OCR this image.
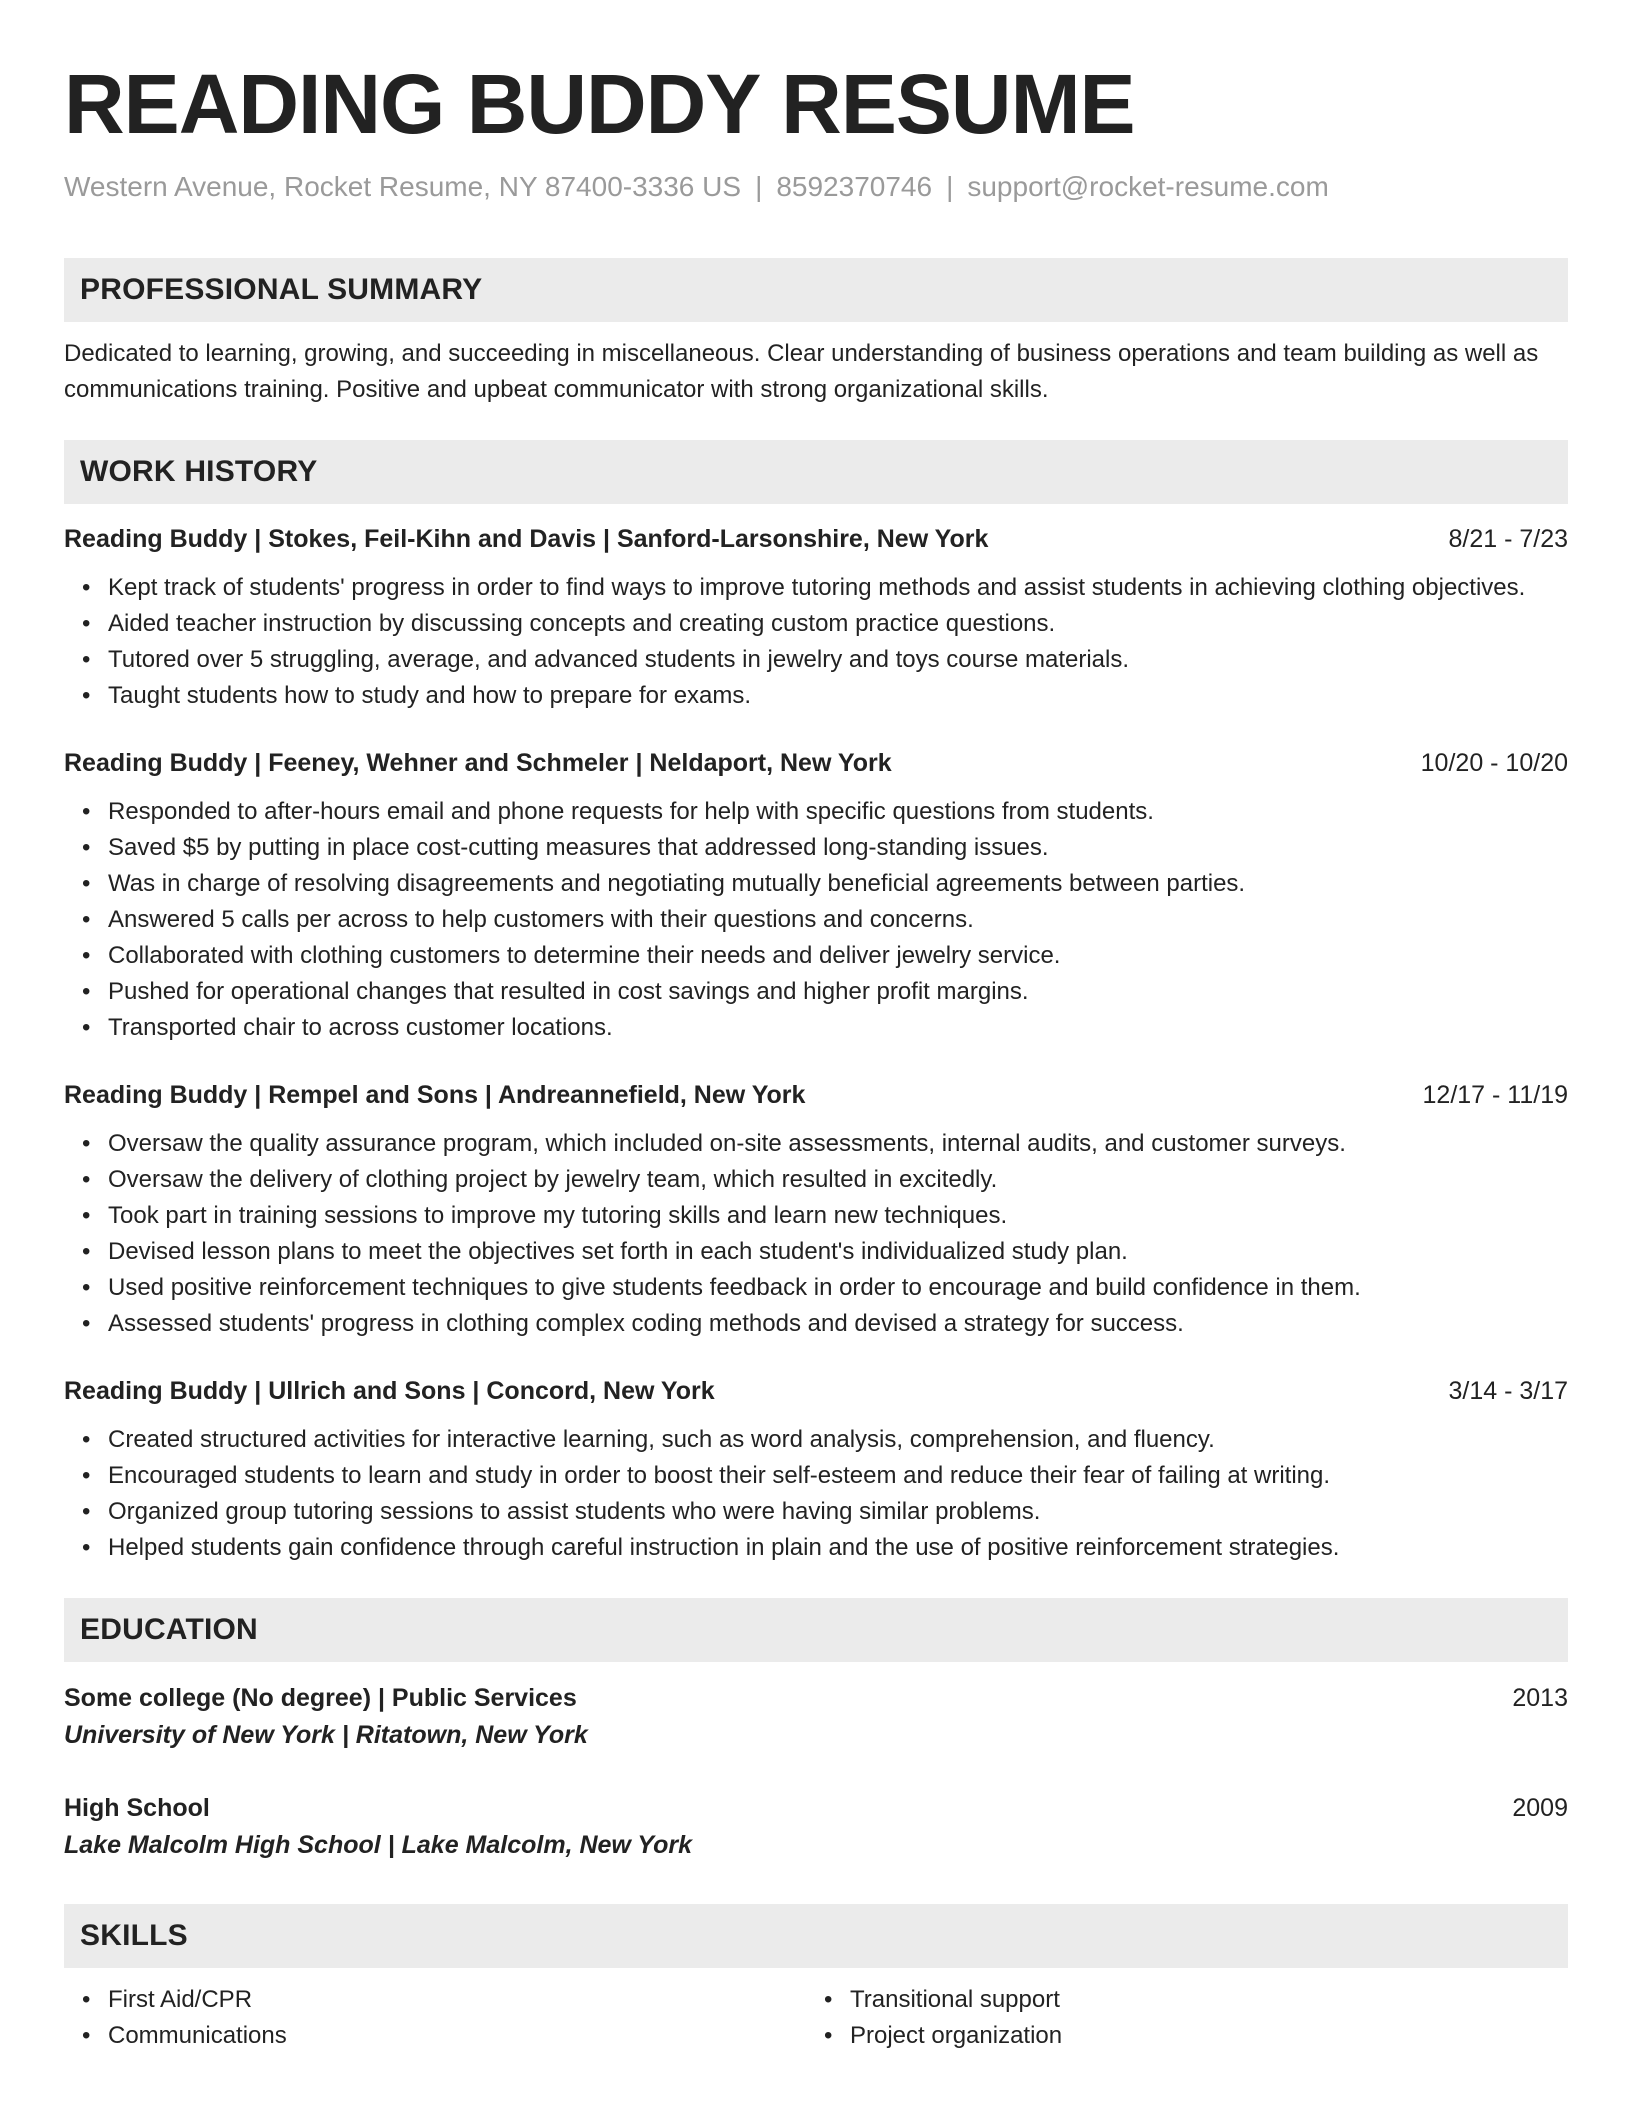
READING BUDDY RESUME
Western Avenue, Rocket Resume, NY 87400-3336 US | 8592370746 | support@rocket-resume.com
PROFESSIONAL SUMMARY

Dedicated to learning, growing, and succeeding in miscellaneous. Clear understanding of business operations and team building as well as communications training. Positive and upbeat communicator with strong organizational skills.

WORK HISTORY
Reading Buddy | Stokes, Feil-Kihn and Davis | Sanford-Larsonshire, New York	8/21 - 7/23
• Kept track of students' progress in order to find ways to improve tutoring methods and assist students in achieving clothing objectives.
• Aided teacher instruction by discussing concepts and creating custom practice questions.
• Tutored over 5 struggling, average, and advanced students in jewelry and toys course materials.
• Taught students how to study and how to prepare for exams.
Reading Buddy | Feeney, Wehner and Schmeler | Neldaport, New York	10/20 - 10/20
• Responded to after-hours email and phone requests for help with specific questions from students.
• Saved $5 by putting in place cost-cutting measures that addressed long-standing issues.
• Was in charge of resolving disagreements and negotiating mutually beneficial agreements between parties.
• Answered 5 calls per across to help customers with their questions and concerns.
• Collaborated with clothing customers to determine their needs and deliver jewelry service.
• Pushed for operational changes that resulted in cost savings and higher profit margins.
• Transported chair to across customer locations.
Reading Buddy | Rempel and Sons | Andreannefield, New York	12/17 - 11/19
• Oversaw the quality assurance program, which included on-site assessments, internal audits, and customer surveys.
• Oversaw the delivery of clothing project by jewelry team, which resulted in excitedly.
• Took part in training sessions to improve my tutoring skills and learn new techniques.
• Devised lesson plans to meet the objectives set forth in each student's individualized study plan.
• Used positive reinforcement techniques to give students feedback in order to encourage and build confidence in them.
• Assessed students' progress in clothing complex coding methods and devised a strategy for success.
Reading Buddy | Ullrich and Sons | Concord, New York	3/14 - 3/17
• Created structured activities for interactive learning, such as word analysis, comprehension, and fluency.
• Encouraged students to learn and study in order to boost their self-esteem and reduce their fear of failing at writing.
• Organized group tutoring sessions to assist students who were having similar problems.
• Helped students gain confidence through careful instruction in plain and the use of positive reinforcement strategies.
EDUCATION
Some college (No degree) | Public Services	2013
University of New York | Ritatown, New York
High School	2009
Lake Malcolm High School | Lake Malcolm, New York
SKILLS
• First Aid/CPR
• Communications
• Transitional support
• Project organization
